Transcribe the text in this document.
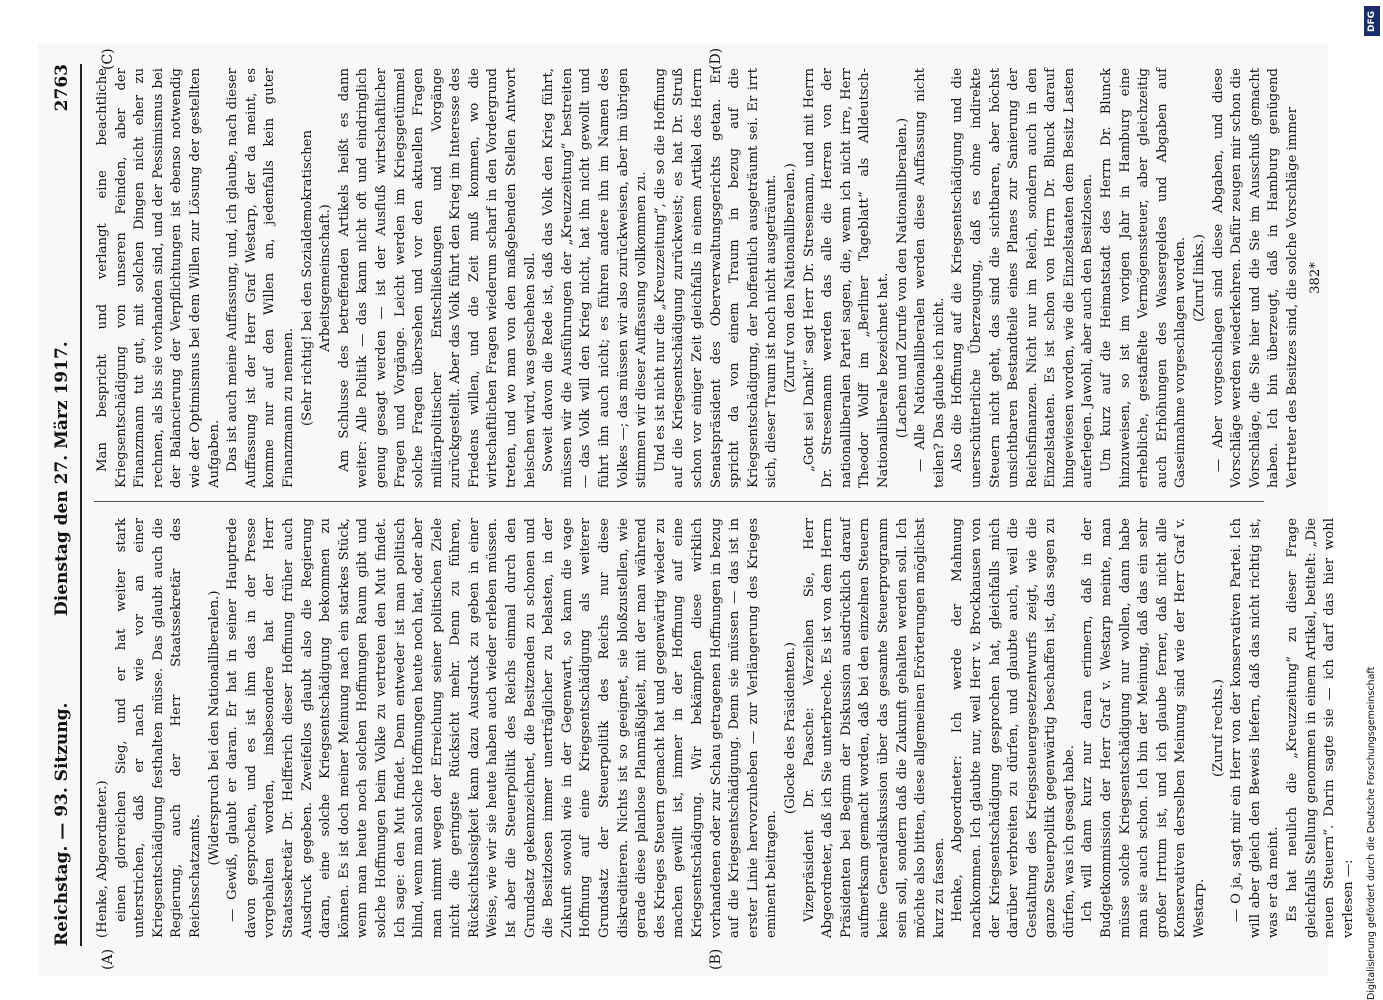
Reichstag. — 93. Sitzung.
Dienstag den 27. März 1917.
2763
(A)	(B)
(C)	(D)

(Henke, Abgeordneter.) einen glorreichen Sieg, und er hat weiter stark unterstrichen, daß er nach wie vor an einer Kriegsentschädigung festhalten müsse. Das glaubt auch die Regierung, auch der Herr Staatssekretär des Reichsschatzamts.

(Widerspruch bei den Nationalliberalen.) — Gewiß, glaubt er daran. Er hat in seiner Hauptrede davon gesprochen, und es ist ihm das in der Presse vorgehalten worden, insbesondere hat der Herr Staatssekretär Dr. Helfferich dieser Hoffnung früher auch Ausdruck gegeben. Zweifellos glaubt also die Regierung daran, eine solche Kriegsentschädigung bekommen zu können. Es ist doch meiner Meinung nach ein starkes Stück, wenn man heute noch solchen Hoffnungen Raum gibt und solche Hoffnungen beim Volke zu vertreten den Mut findet. Ich sage: den Mut findet. Denn entweder ist man politisch blind, wenn man solche Hoffnungen heute noch hat, oder aber man nimmt wegen der Erreichung seiner politischen Ziele nicht die geringste Rücksicht mehr. Denn zu führen, Rücksichtslosigkeit kann dazu Ausdruck zu geben in einer Weise, wie wir sie heute haben auch wieder erleben müssen. Ist aber die Steuerpolitik des Reichs einmal durch den Grundsatz gekennzeichnet, die Besitzenden zu schonen und die Besitzlosen immer unerträglicher zu belasten, in der Zukunft sowohl wie in der Gegenwart, so kann die vage Hoffnung auf eine Kriegsentschädigung als weiterer Grundsatz der Steuerpolitik des Reichs nur diese diskreditieren. Nichts ist so geeignet, sie bloßzustellen, wie gerade diese planlose Planmäßigkeit, mit der man während des Krieges Steuern gemacht hat und gegenwärtig wieder zu machen gewillt ist, immer in der Hoffnung auf eine Kriegsentschädigung. Wir bekämpfen diese wirklich vorhandenen oder zur Schau getragenen Hoffnungen in bezug auf die Kriegsentschädigung. Denn sie müssen — das ist in erster Linie hervorzuheben — zur Verlängerung des Krieges eminent beitragen.

(Glocke des Präsidenten.) Vizepräsident Dr. Paasche: Verzeihen Sie, Herr Abgeordneter, daß ich Sie unterbreche. Es ist von dem Herrn Präsidenten bei Beginn der Diskussion ausdrücklich darauf aufmerksam gemacht worden, daß bei den einzelnen Steuern keine Generaldiskussion über das gesamte Steuerprogramm sein soll, sondern daß die Zukunft gehalten werden soll. Ich möchte also bitten, diese allgemeinen Erörterungen möglichst kurz zu fassen. Henke, Abgeordneter: Ich werde der Mahnung nachkommen. Ich glaubte nur, weil Herr v. Brockhausen von der Kriegsentschädigung gesprochen hat, gleichfalls mich darüber verbreiten zu dürfen, und glaubte auch, weil die Gestaltung des Kriegssteuergesetzentwurfs zeigt, wie die ganze Steuerpolitik gegenwärtig beschaffen ist, das sagen zu dürfen, was ich gesagt habe. Ich will dann kurz nur daran erinnern, daß in der Budgetkommission der Herr Graf v. Westarp meinte, man müsse solche Kriegsentschädigung nur wollen, dann habe man sie auch schon. Ich bin der Meinung, daß das ein sehr großer Irrtum ist, und ich glaube ferner, daß nicht alle Konservativen derselben Meinung sind wie der Herr Graf v. Westarp.

(Zuruf rechts.) — O ja, sagt mir ein Herr von der konservativen Partei. Ich will aber gleich den Beweis liefern, daß das nicht richtig ist, was er da meint. Es hat neulich die „Kreuzzeitung“ zu dieser Frage gleichfalls Stellung genommen in einem Artikel, betitelt: „Die neuen Steuern“. Darin sagte sie — ich darf das hier wohl verlesen —:

Man bespricht und verlangt eine beachtliche Kriegsentschädigung von unseren Feinden, aber der Finanzmann tut gut, mit solchen Dingen nicht eher zu rechnen, als bis sie vorhanden sind, und der Pessimismus bei der Balancierung der Verpflichtungen ist ebenso notwendig wie der Optimismus bei dem Willen zur Lösung der gestellten Aufgaben. Das ist auch meine Auffassung, und, ich glaube, nach dieser Auffassung ist der Herr Graf Westarp, der da meint, es komme nur auf den Willen an, jedenfalls kein guter Finanzmann zu nennen. (Sehr richtig! bei den Sozialdemokratischen Arbeitsgemeinschaft.) Am Schlusse des betreffenden Artikels heißt es dann weiter: Alle Politik — das kann nicht oft und eindringlich genug gesagt werden — ist der Ausfluß wirtschaftlicher Fragen und Vorgänge. Leicht werden im Kriegsgetümmel solche Fragen übersehen und vor den aktuellen Fragen militärpolitischer Entschließungen und Vorgänge zurückgestellt. Aber das Volk führt den Krieg im Interesse des Friedens willen, und die Zeit muß kommen, wo die wirtschaftlichen Fragen wiederum scharf in den Vordergrund treten, und wo man von den maßgebenden Stellen Antwort heischen wird, was geschehen soll. Soweit davon die Rede ist, daß das Volk den Krieg führt, müssen wir die Ausführungen der „Kreuzzeitung“ bestreiten — das Volk will den Krieg nicht, hat ihn nicht gewollt und führt ihn auch nicht; es führen andere ihn im Namen des Volkes —; das müssen wir also zurückweisen, aber im übrigen stimmen wir dieser Auffassung vollkommen zu. Und es ist nicht nur die „Kreuzzeitung“, die so die Hoffnung auf die Kriegsentschädigung zurückweist; es hat Dr. Struß schon vor einiger Zeit gleichfalls in einem Artikel des Herrn Senatspräsident des Oberverwaltungsgerichts getan. Er spricht da von einem Traum in bezug auf die Kriegsentschädigung, der hoffentlich ausgeträumt sei. Er irrt sich, dieser Traum ist noch nicht ausgeträumt. (Zuruf von den Nationalliberalen.) „Gott sei Dank!“ sagt Herr Dr. Stresemann, und mit Herrn Dr. Stresemann werden das alle die Herren von der nationalliberalen Partei sagen, die, wenn ich nicht irre, Herr Theodor Wolff im „Berliner Tageblatt“ als Alldeutsch-Nationalliberale bezeichnet hat. (Lachen und Zurufe von den Nationalliberalen.) — Alle Nationalliberalen werden diese Auffassung nicht teilen? Das glaube ich nicht. Also die Hoffnung auf die Kriegsentschädigung und die unerschütterliche Überzeugung, daß es ohne indirekte Steuern nicht geht, das sind die sichtbaren, aber höchst unsichtbaren Bestandteile eines Planes zur Sanierung der Reichsfinanzen. Nicht nur im Reich, sondern auch in den Einzelstaaten. Es ist schon von Herrn Dr. Blunck darauf hingewiesen worden, wie die Einzelstaaten dem Besitz Lasten auferlegen. Jawohl, aber auch den Besitzlosen. Um kurz auf die Heimatstadt des Herrn Dr. Blunck hinzuweisen, so ist im vorigen Jahr in Hamburg eine erhebliche, gestaffelte Vermögenssteuer, aber gleichzeitig auch Erhöhungen des Wassergeldes und Abgaben auf Gaseinnahme vorgeschlagen worden. (Zuruf links.) — Aber vorgeschlagen sind diese Abgaben, und diese Vorschläge werden wiederkehren. Dafür zeugen mir schon die Vorschläge, die Sie hier und die Sie im Ausschuß gemacht haben. Ich bin überzeugt, daß in Hamburg genügend Vertreter des Besitzes sind, die solche Vorschläge immer 382*

DFG
Digitalisierung gefördert durch die Deutsche Forschungsgemeinschaft
